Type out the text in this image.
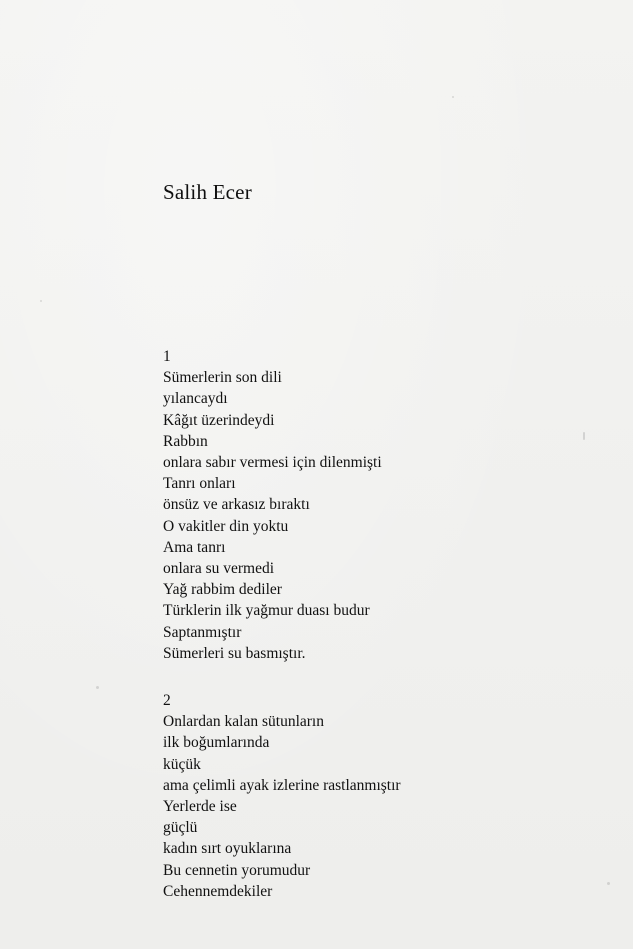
Salih Ecer
1
Sümerlerin son dili
yılancaydı
Kâğıt üzerindeydi
Rabbın
onlara sabır vermesi için dilenmişti
Tanrı onları
önsüz ve arkasız bıraktı
O vakitler din yoktu
Ama tanrı
onlara su vermedi
Yağ rabbim dediler
Türklerin ilk yağmur duası budur
Saptanmıştır
Sümerleri su basmıştır.
2
Onlardan kalan sütunların
ilk boğumlarında
küçük
ama çelimli ayak izlerine rastlanmıştır
Yerlerde ise
güçlü
kadın sırt oyuklarına
Bu cennetin yorumudur
Cehennemdekiler
